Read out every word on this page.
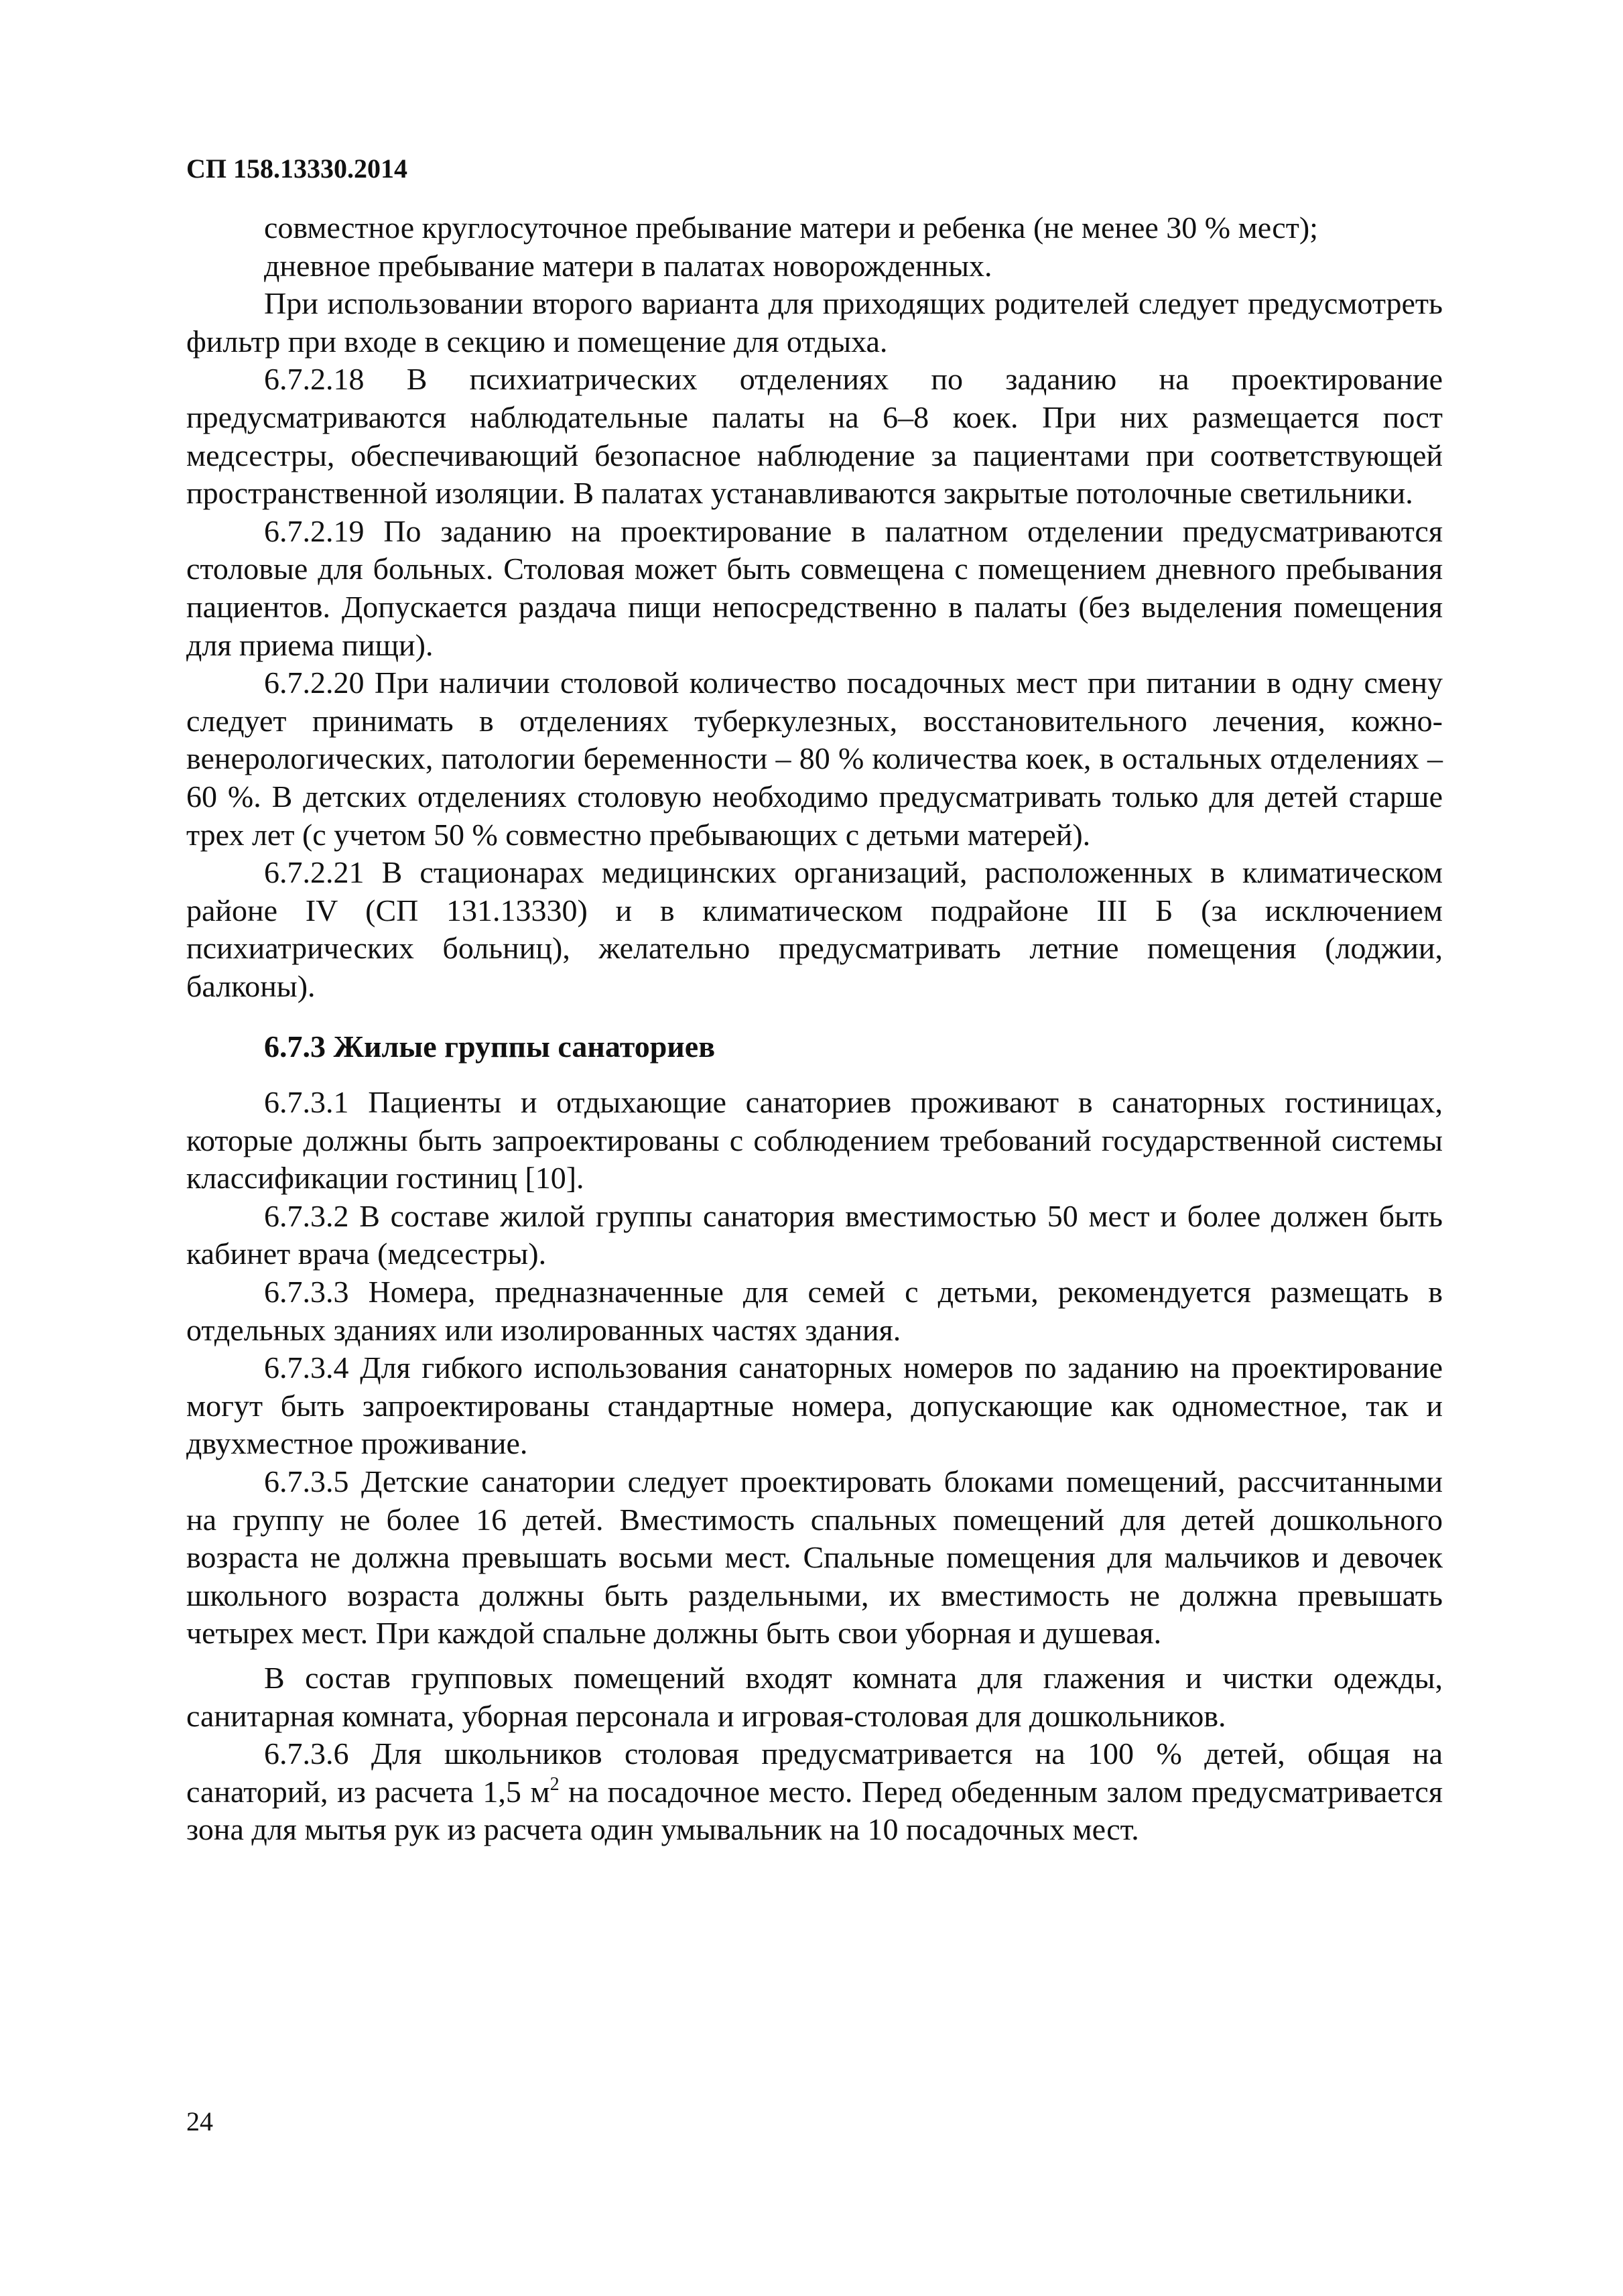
СП 158.13330.2014

совместное круглосуточное пребывание матери и ребенка (не менее 30 % мест);

дневное пребывание матери в палатах новорожденных.

При использовании второго варианта для приходящих родителей следует предусмотреть фильтр при входе в секцию и помещение для отдыха.

6.7.2.18 В психиатрических отделениях по заданию на проектирование предусматриваются наблюдательные палаты на 6–8 коек. При них размещается пост медсестры, обеспечивающий безопасное наблюдение за пациентами при соответствующей пространственной изоляции. В палатах устанавливаются закрытые потолочные светильники.

6.7.2.19 По заданию на проектирование в палатном отделении предусматриваются столовые для больных. Столовая может быть совмещена с помещением дневного пребывания пациентов. Допускается раздача пищи непосредственно в палаты (без выделения помещения для приема пищи).

6.7.2.20 При наличии столовой количество посадочных мест при питании в одну смену следует принимать в отделениях туберкулезных, восстановительного лечения, кожно-венерологических, патологии беременности – 80 % количества коек, в остальных отделениях – 60 %. В детских отделениях столовую необходимо предусматривать только для детей старше трех лет (с учетом 50 % совместно пребывающих с детьми матерей).

6.7.2.21 В стационарах медицинских организаций, расположенных в климатическом районе IV (СП 131.13330) и в климатическом подрайоне III Б (за исключением психиатрических больниц), желательно предусматривать летние помещения (лоджии, балконы).

6.7.3 Жилые группы санаториев

6.7.3.1 Пациенты и отдыхающие санаториев проживают в санаторных гостиницах, которые должны быть запроектированы с соблюдением требований государственной системы классификации гостиниц [10].

6.7.3.2 В составе жилой группы санатория вместимостью 50 мест и более должен быть кабинет врача (медсестры).

6.7.3.3 Номера, предназначенные для семей с детьми, рекомендуется размещать в отдельных зданиях или изолированных частях здания.

6.7.3.4 Для гибкого использования санаторных номеров по заданию на проектирование могут быть запроектированы стандартные номера, допускающие как одноместное, так и двухместное проживание.

6.7.3.5 Детские санатории следует проектировать блоками помещений, рассчитанными на группу не более 16 детей. Вместимость спальных помещений для детей дошкольного возраста не должна превышать восьми мест. Спальные помещения для мальчиков и девочек школьного возраста должны быть раздельными, их вместимость не должна превышать четырех мест. При каждой спальне должны быть свои уборная и душевая.

В состав групповых помещений входят комната для глажения и чистки одежды, санитарная комната, уборная персонала и игровая-столовая для дошкольников.

6.7.3.6 Для школьников столовая предусматривается на 100 % детей, общая на санаторий, из расчета 1,5 $м^2$ на посадочное место. Перед обеденным залом предусматривается зона для мытья рук из расчета один умывальник на 10 посадочных мест.

24
